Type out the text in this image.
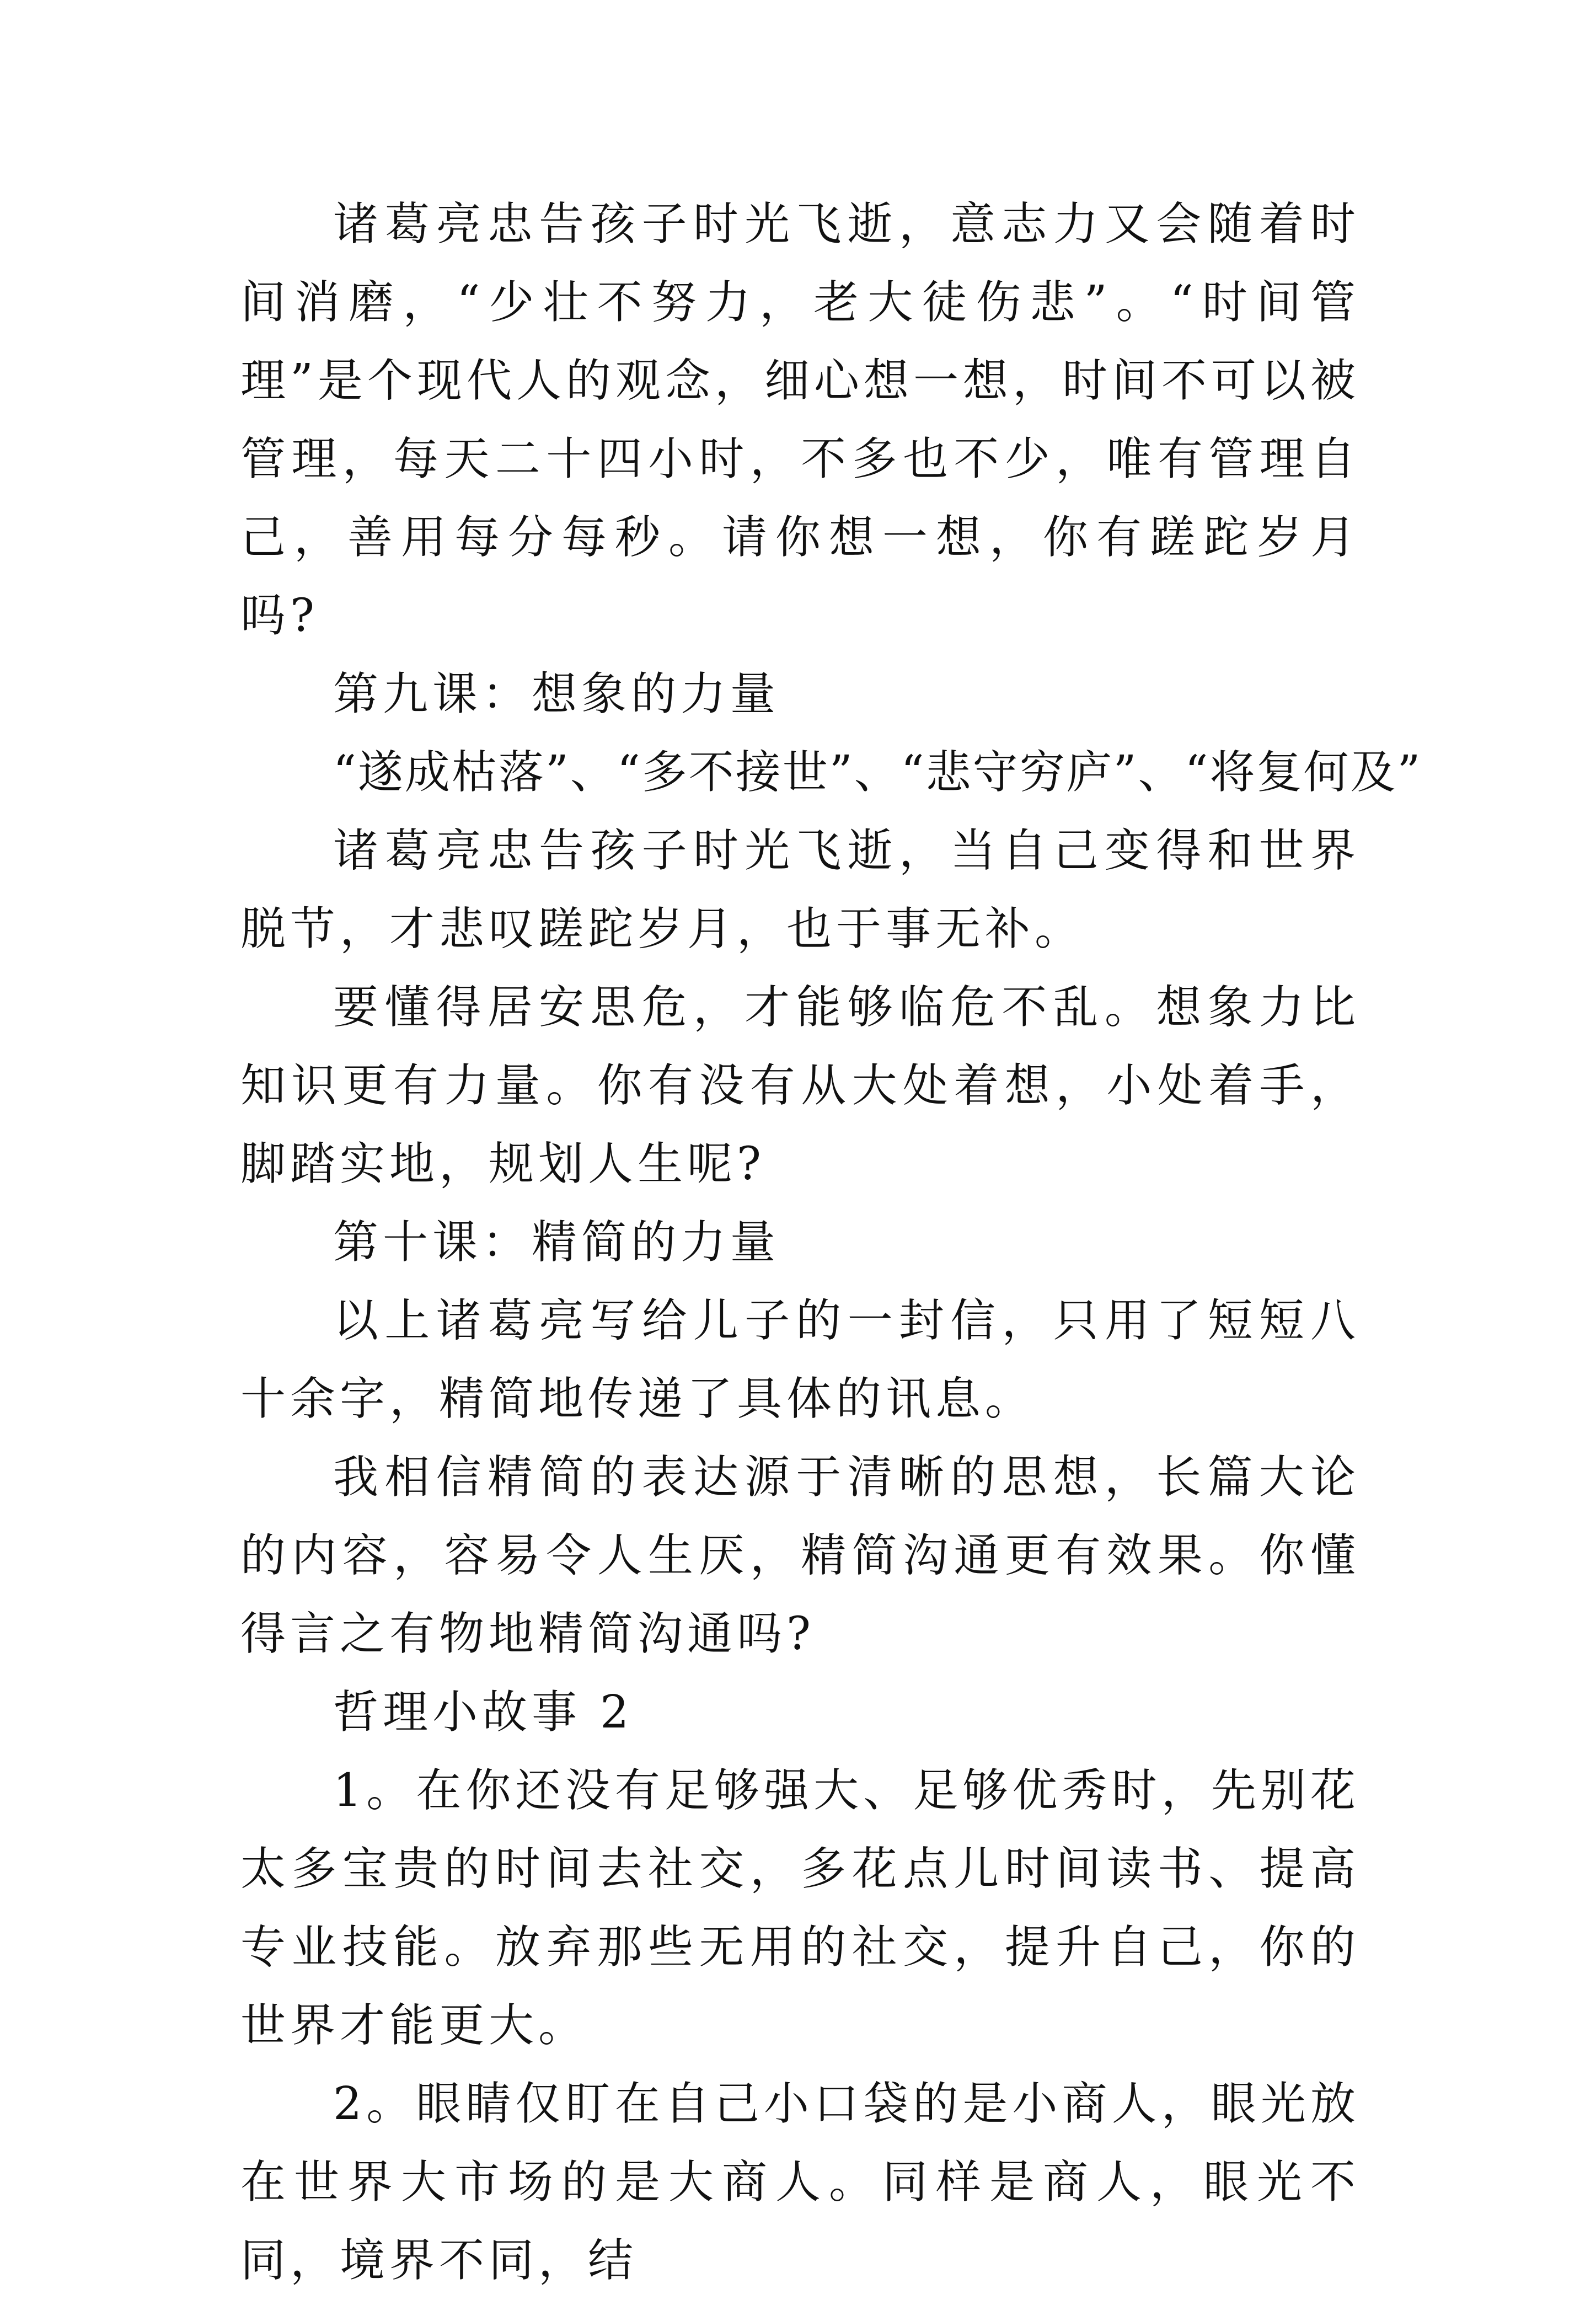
诸葛亮忠告孩子时光飞逝，意志力又会随着时间消磨，“少壮不努力，老大徒伤悲”。“时间管理”是个现代人的观念，细心想一想，时间不可以被管理，每天二十四小时，不多也不少，唯有管理自己，善用每分每秒。请你想一想，你有蹉跎岁月吗?

第九课：想象的力量

“遂成枯落”、“多不接世”、“悲守穷庐”、“将复何及”

诸葛亮忠告孩子时光飞逝，当自己变得和世界脱节，才悲叹蹉跎岁月，也于事无补。

要懂得居安思危，才能够临危不乱。想象力比知识更有力量。你有没有从大处着想，小处着手，脚踏实地，规划人生呢?

第十课：精简的力量

以上诸葛亮写给儿子的一封信，只用了短短八十余字，精简地传递了具体的讯息。

我相信精简的表达源于清晰的思想，长篇大论的内容，容易令人生厌，精简沟通更有效果。你懂得言之有物地精简沟通吗?

哲理小故事 2

1。在你还没有足够强大、足够优秀时，先别花太多宝贵的时间去社交，多花点儿时间读书、提高专业技能。放弃那些无用的社交，提升自己，你的世界才能更大。

2。眼睛仅盯在自己小口袋的是小商人，眼光放在世界大市场的是大商人。同样是商人，眼光不同，境界不同，结
